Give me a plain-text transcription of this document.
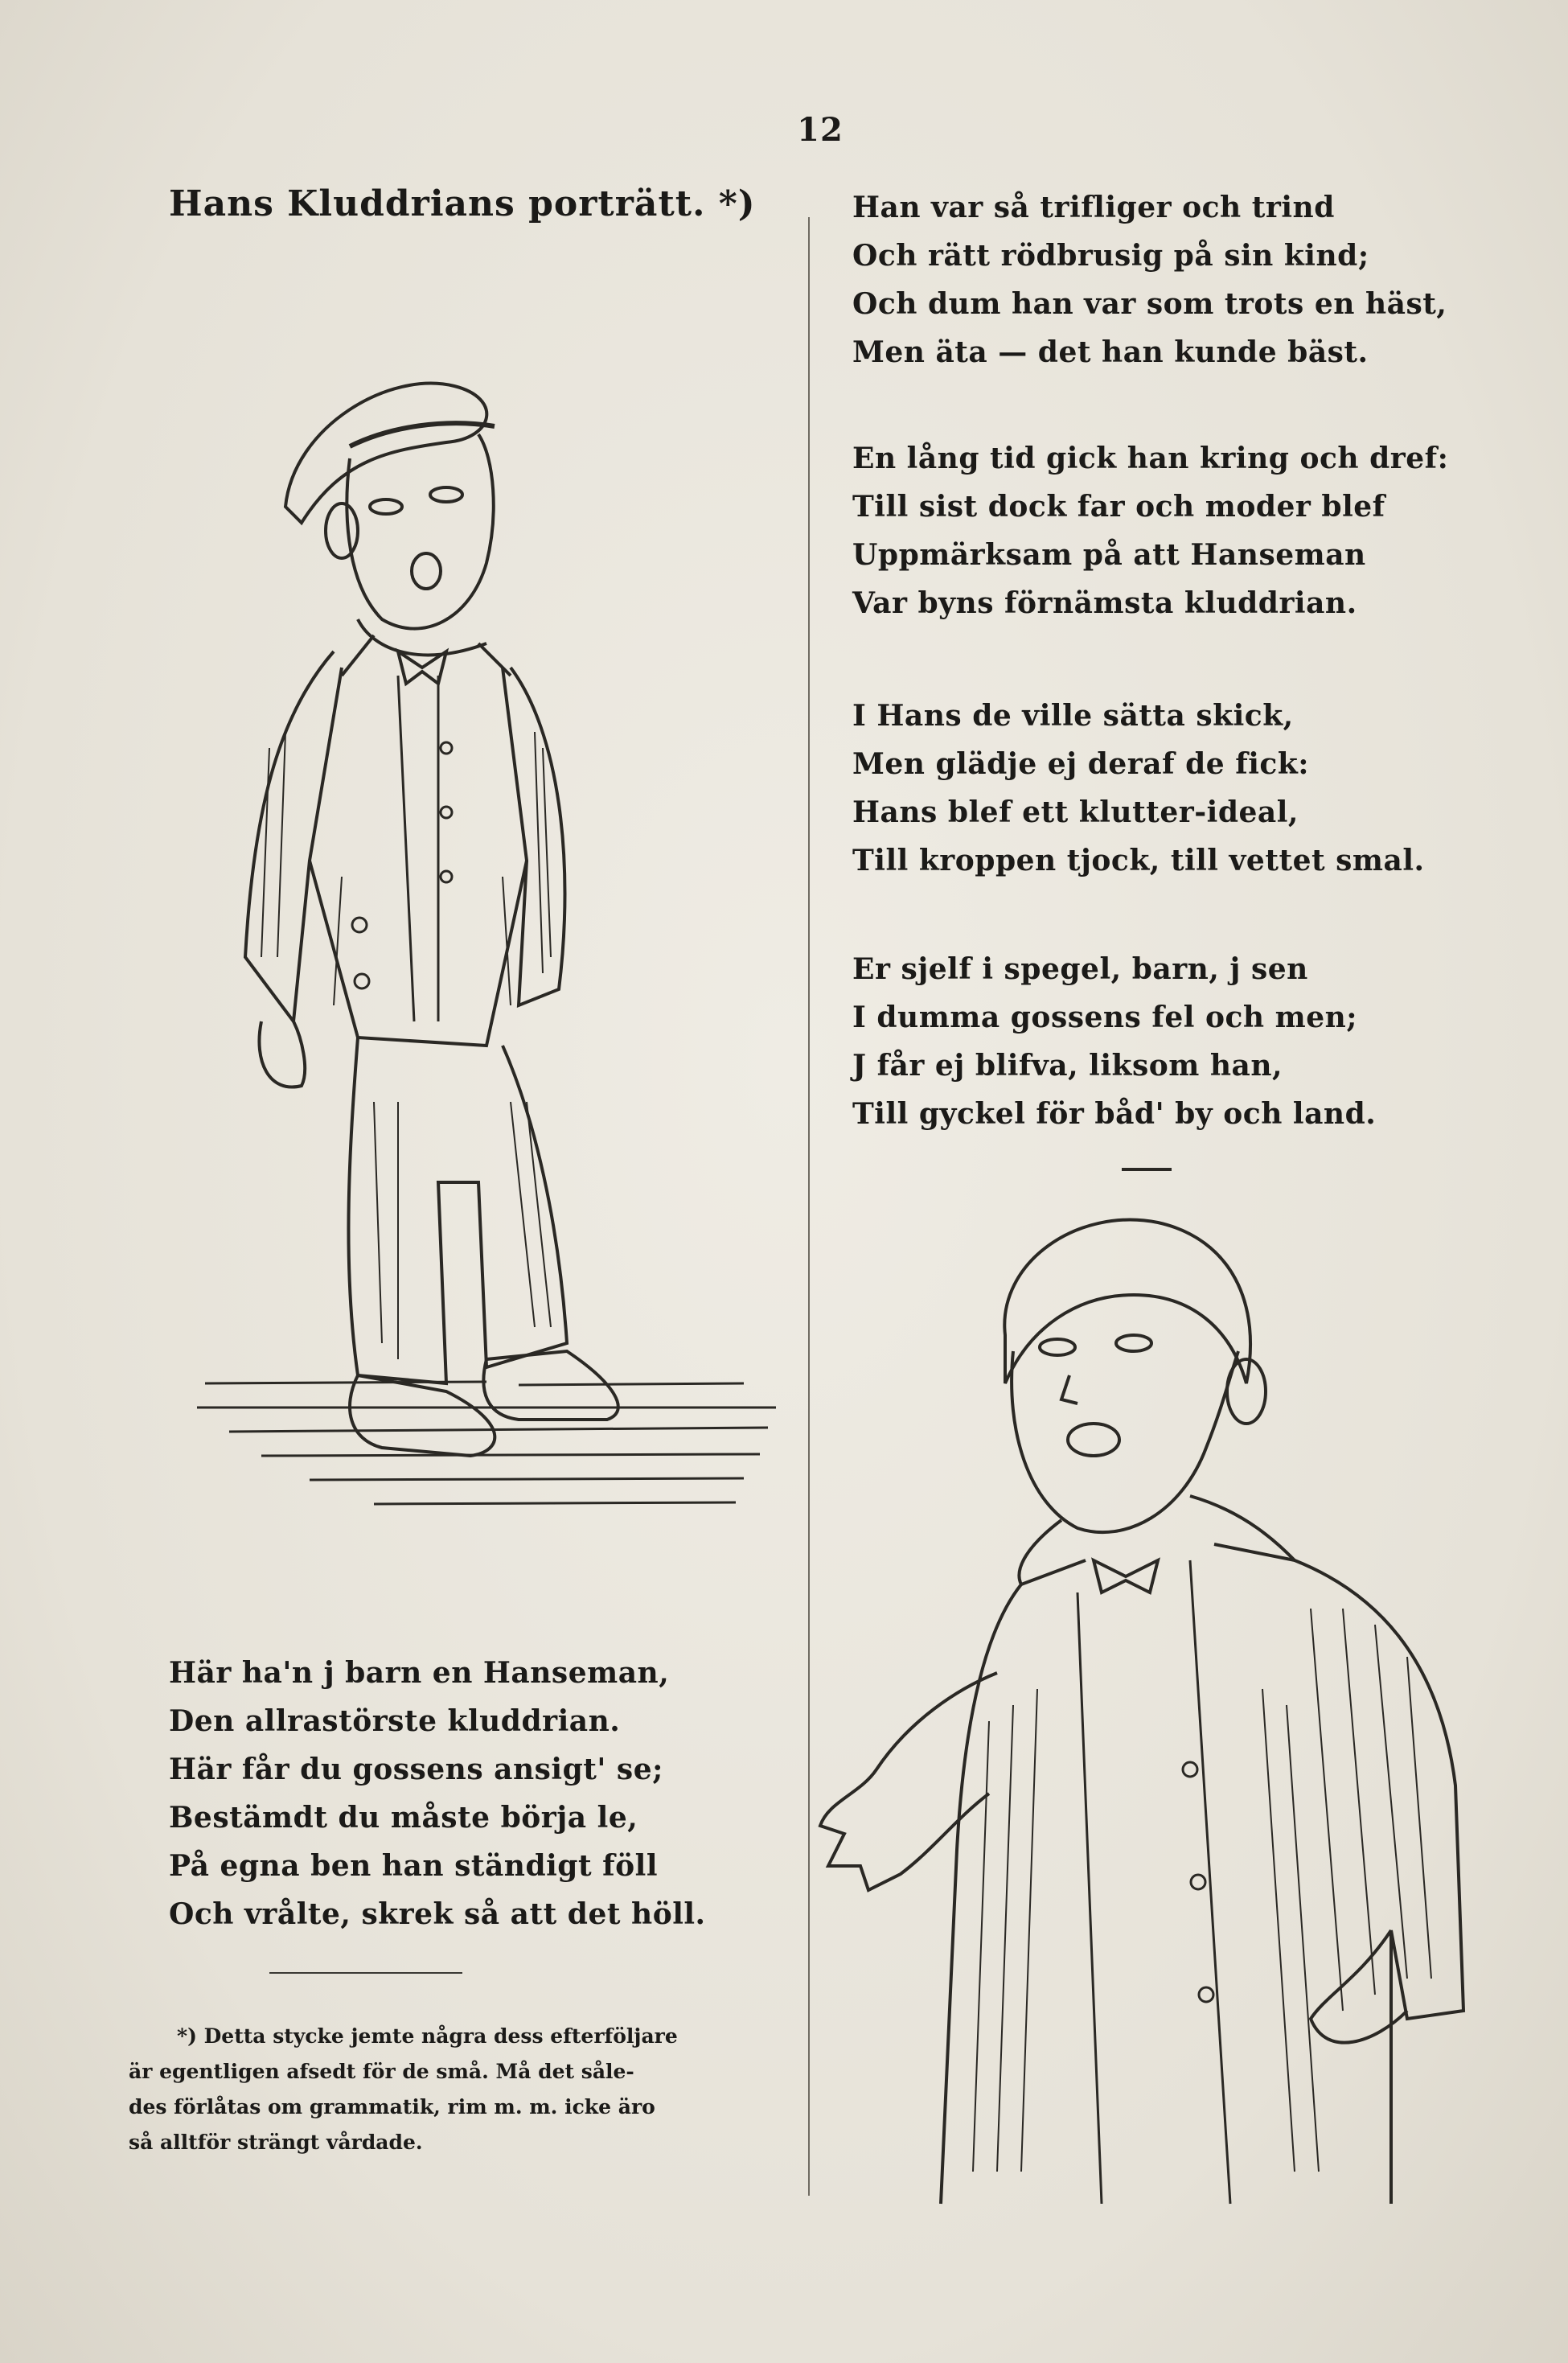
12
Hans Kluddrians porträtt. *)	Han var så trifliger och trind
Och rätt rödbrusig på sin kind;
Och dum han var som trots en häst,
Men äta — det han kunde bäst.
En lång tid gick han kring och dref:
Till sist dock far och moder blef
Uppmärksam på att Hanseman
Var byns förnämsta kluddrian.
I Hans de ville sätta skick,
Men glädje ej deraf de fick:
Hans blef ett klutter-ideal,
Till kroppen tjock, till vettet smal.
Er sjelf i spegel, barn, j sen
I dumma gossens fel och men;
J får ej blifva, liksom han,
Till gyckel för båd' by och land.
Här ha'n j barn en Hanseman,
Den allrastörste kluddrian.
Här får du gossens ansigt' se;
Bestämdt du måste börja le,
På egna ben han ständigt föll
Och vrålte, skrek så att det höll.
*) Detta stycke jemte några dess efterföljare
är egentligen afsedt för de små. Må det såle-
des förlåtas om grammatik, rim m. m. icke äro
så alltför strängt vårdade.
